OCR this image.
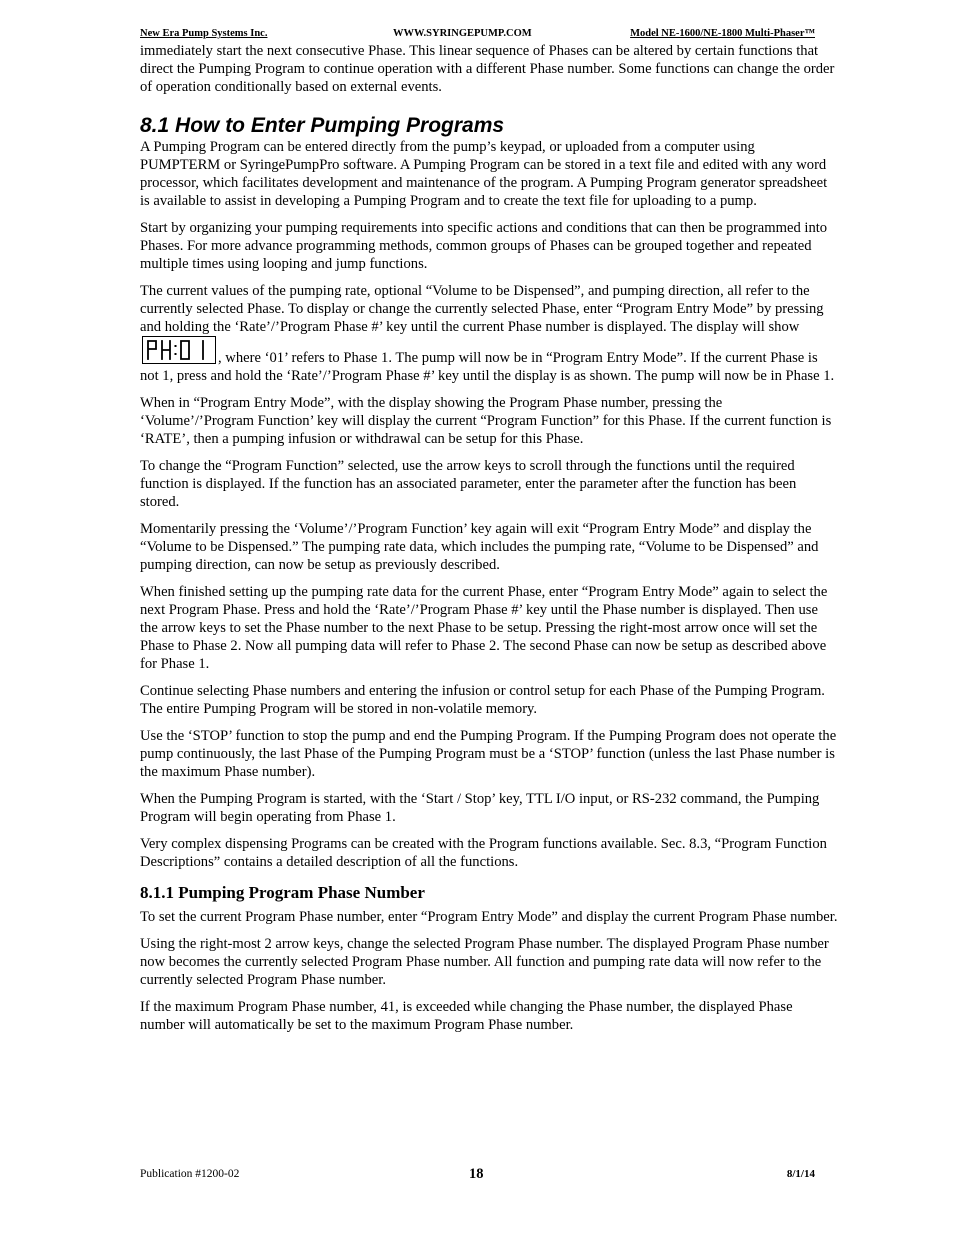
New Era Pump Systems Inc.	WWW.SYRINGEPUMP.COM	Model NE-1600/NE-1800 Multi-Phaser™

immediately start the next consecutive Phase. This linear sequence of Phases can be altered by certain functions that direct the Pumping Program to continue operation with a different Phase number. Some functions can change the order of operation conditionally based on external events.

8.1 How to Enter Pumping Programs

A Pumping Program can be entered directly from the pump’s keypad, or uploaded from a computer using PUMPTERM or SyringePumpPro software. A Pumping Program can be stored in a text file and edited with any word processor, which facilitates development and maintenance of the program. A Pumping Program generator spreadsheet is available to assist in developing a Pumping Program and to create the text file for uploading to a pump.

Start by organizing your pumping requirements into specific actions and conditions that can then be programmed into Phases. For more advance programming methods, common groups of Phases can be grouped together and repeated multiple times using looping and jump functions.

The current values of the pumping rate, optional “Volume to be Dispensed”, and pumping direction, all refer to the currently selected Phase. To display or change the currently selected Phase, enter “Program Entry Mode” by pressing and holding the ‘Rate’/’Program Phase #’ key until the current Phase number is displayed. The display will show
, where ‘01’ refers to Phase 1. The pump will now be in “Program Entry Mode”. If the current Phase is not 1, press and hold the ‘Rate’/’Program Phase #’ key until the display is as shown. The pump will now be in Phase 1.

When in “Program Entry Mode”, with the display showing the Program Phase number, pressing the ‘Volume’/’Program Function’ key will display the current “Program Function” for this Phase. If the current function is ‘RATE’, then a pumping infusion or withdrawal can be setup for this Phase.

To change the “Program Function” selected, use the arrow keys to scroll through the functions until the required function is displayed. If the function has an associated parameter, enter the parameter after the function has been stored.

Momentarily pressing the ‘Volume’/’Program Function’ key again will exit “Program Entry Mode” and display the “Volume to be Dispensed.” The pumping rate data, which includes the pumping rate, “Volume to be Dispensed” and pumping direction, can now be setup as previously described.

When finished setting up the pumping rate data for the current Phase, enter “Program Entry Mode” again to select the next Program Phase. Press and hold the ‘Rate’/’Program Phase #’ key until the Phase number is displayed. Then use the arrow keys to set the Phase number to the next Phase to be setup. Pressing the right-most arrow once will set the Phase to Phase 2. Now all pumping data will refer to Phase 2. The second Phase can now be setup as described above for Phase 1.

Continue selecting Phase numbers and entering the infusion or control setup for each Phase of the Pumping Program. The entire Pumping Program will be stored in non-volatile memory.

Use the ‘STOP’ function to stop the pump and end the Pumping Program. If the Pumping Program does not operate the pump continuously, the last Phase of the Pumping Program must be a ‘STOP’ function (unless the last Phase number is the maximum Phase number).

When the Pumping Program is started, with the ‘Start / Stop’ key, TTL I/O input, or RS-232 command, the Pumping Program will begin operating from Phase 1.

Very complex dispensing Programs can be created with the Program functions available. Sec. 8.3, “Program Function Descriptions” contains a detailed description of all the functions.

8.1.1 Pumping Program Phase Number

To set the current Program Phase number, enter “Program Entry Mode” and display the current Program Phase number.

Using the right-most 2 arrow keys, change the selected Program Phase number. The displayed Program Phase number now becomes the currently selected Program Phase number. All function and pumping rate data will now refer to the currently selected Program Phase number.

If the maximum Program Phase number, 41, is exceeded while changing the Phase number, the displayed Phase number will automatically be set to the maximum Program Phase number.

Publication #1200-02	18	8/1/14
